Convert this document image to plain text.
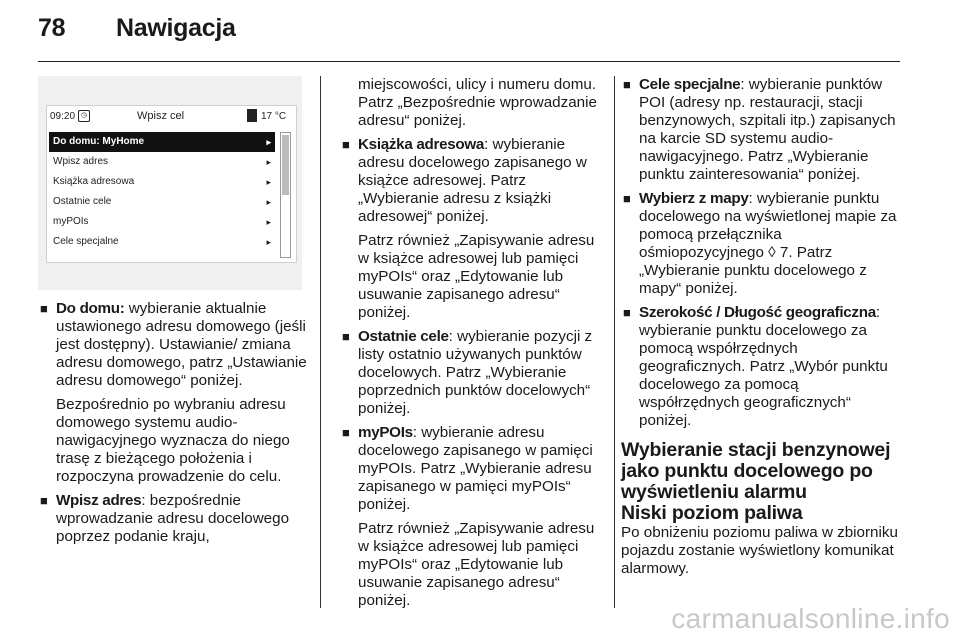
78 Nawigacja
09:20 ◷	Wpisz cel	17 °C
Do domu: MyHome	▸
Wpisz adres	▸
Książka adresowa	▸
Ostatnie cele	▸
myPOIs	▸
Cele specjalne	▸

■ Do domu: wybieranie aktualnie ustawionego adresu domowego (jeśli jest dostępny). Ustawianie/ zmiana adresu domowego, patrz „Ustawianie adresu domowego“ poniżej.

Bezpośrednio po wybraniu adresu domowego systemu audio-nawigacyjnego wyznacza do niego trasę z bieżącego położenia i rozpoczyna prowadzenie do celu.

■ Wpisz adres: bezpośrednie wprowadzanie adresu docelowego poprzez podanie kraju,

miejscowości, ulicy i numeru domu. Patrz „Bezpośrednie wprowadzanie adresu“ poniżej.

■ Książka adresowa: wybieranie adresu docelowego zapisanego w książce adresowej. Patrz „Wybieranie adresu z książki adresowej“ poniżej.

Patrz również „Zapisywanie adresu w książce adresowej lub pamięci myPOIs“ oraz „Edytowanie lub usuwanie zapisanego adresu“ poniżej.

■ Ostatnie cele: wybieranie pozycji z listy ostatnio używanych punktów docelowych. Patrz „Wybieranie poprzednich punktów docelowych“ poniżej.

■ myPOIs: wybieranie adresu docelowego zapisanego w pamięci myPOIs. Patrz „Wybieranie adresu zapisanego w pamięci myPOIs“ poniżej.

Patrz również „Zapisywanie adresu w książce adresowej lub pamięci myPOIs“ oraz „Edytowanie lub usuwanie zapisanego adresu“ poniżej.

■ Cele specjalne: wybieranie punktów POI (adresy np. restauracji, stacji benzynowych, szpitali itp.) zapisanych na karcie SD systemu audio-nawigacyjnego. Patrz „Wybieranie punktu zainteresowania“ poniżej.

■ Wybierz z mapy: wybieranie punktu docelowego na wyświetlonej mapie za pomocą przełącznika ośmiopozycyjnego ◊ 7. Patrz „Wybieranie punktu docelowego z mapy“ poniżej.

■ Szerokość / Długość geograficzna: wybieranie punktu docelowego za pomocą współrzędnych geograficznych. Patrz „Wybór punktu docelowego za pomocą współrzędnych geograficznych“ poniżej.

Wybieranie stacji benzynowej jako punktu docelowego po wyświetleniu alarmu
Niski poziom paliwa

Po obniżeniu poziomu paliwa w zbiorniku pojazdu zostanie wyświetlony komunikat alarmowy.

carmanualsonline.info
